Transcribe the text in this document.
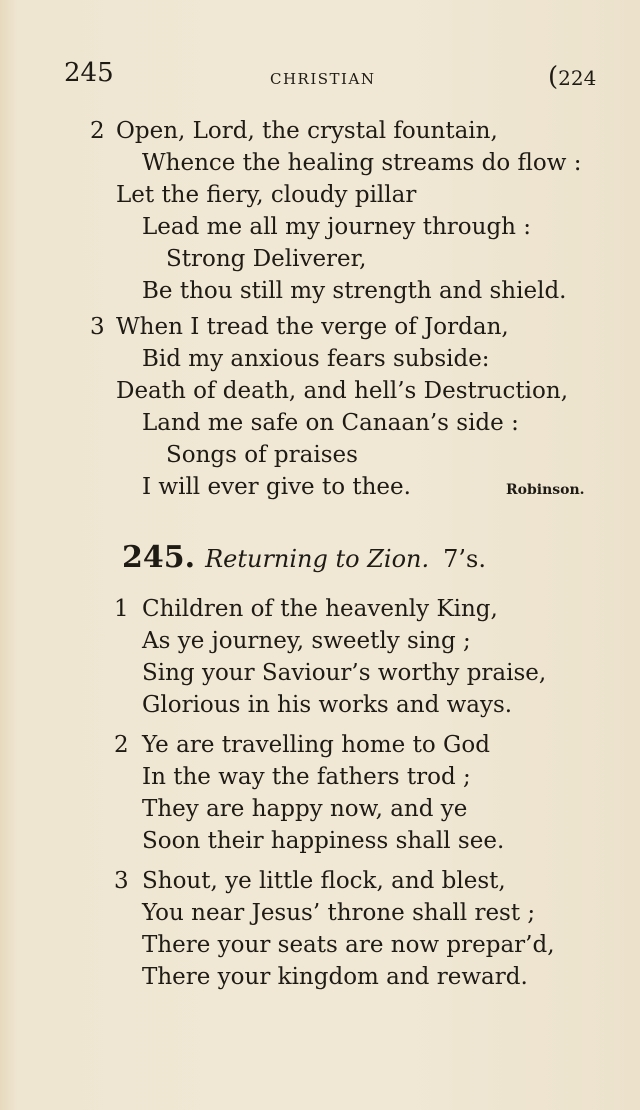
245	CHRISTIAN	(224
2 Open, Lord, the crystal fountain,
Whence the healing streams do flow :
Let the fiery, cloudy pillar
Lead me all my journey through :
Strong Deliverer,
Be thou still my strength and shield.
3 When I tread the verge of Jordan,
Bid my anxious fears subside:
Death of death, and hell’s Destruction,
Land me safe on Canaan’s side :
Songs of praises
I will ever give to thee.	Robinson.
245. Returning to Zion. 7’s.
1 Children of the heavenly King,
As ye journey, sweetly sing ;
Sing your Saviour’s worthy praise,
Glorious in his works and ways.
2 Ye are travelling home to God
In the way the fathers trod ;
They are happy now, and ye
Soon their happiness shall see.
3 Shout, ye little flock, and blest,
You near Jesus’ throne shall rest ;
There your seats are now prepar’d,
There your kingdom and reward.
